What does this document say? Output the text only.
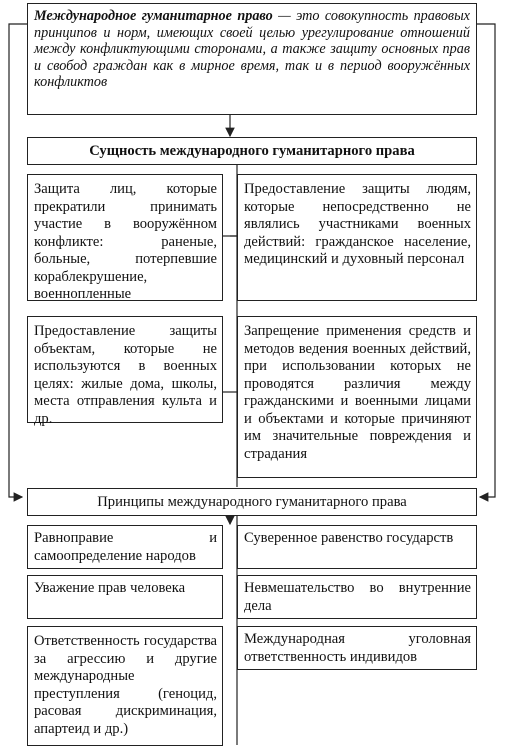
Международное гуманитарное право — это совокупность правовых принципов и норм, имеющих своей целью урегулирование отношений между конфликтующими сторонами, а также защиту основных прав и свобод граждан как в мирное время, так и в период вооружённых конфликтов
Сущность международного гуманитарного права
Защита лиц, которые прекратили принимать участие в вооружённом конфликте: раненые, больные, потерпевшие кораблекрушение, военнопленные
Предоставление защиты людям, которые непосредственно не являлись участниками военных действий: гражданское население, медицинский и духовный персонал
Предоставление защиты объектам, которые не используются в военных целях: жилые дома, школы, места отправления культа и др.
Запрещение применения средств и методов ведения военных действий, при использовании которых не проводятся различия между гражданскими и военными лицами и объектами и которые причиняют им значительные повреждения и страдания
Принципы международного гуманитарного права
Равноправие и самоопределение народов
Суверенное равенство государств
Уважение прав человека	Невмешательство во внутренние дела
Ответственность государства за агрессию и другие международные преступления (геноцид, расовая дискриминация, апартеид и др.)
Международная уголовная ответственность индивидов
